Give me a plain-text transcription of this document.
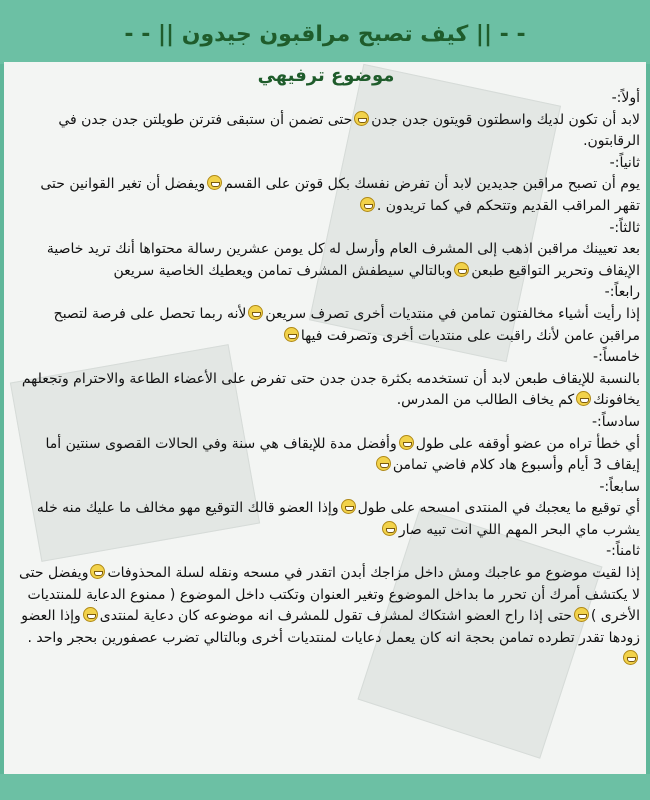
- - || كيف تصبح مراقبون جيدون || - -
موضوع ترفيهي

أولاً:-

لابد أن تكون لديك واسطتون قويتون جدن جدنحتى تضمن أن ستبقى فترتن طويلتن جدن جدن في الرقابتون.

ثانياً:-

يوم أن تصبح مراقبن جديدين لابد أن تفرض نفسك بكل قوتن على القسمويفضل أن تغير القوانين حتى تقهر المراقب القديم وتتحكم في كما تريدون .

ثالثاً:-

بعد تعيينك مراقبن اذهب إلى المشرف العام وأرسل له كل يومن عشرين رسالة محتواها أنك تريد خاصية الإيقاف وتحرير التواقيع طبعنوبالتالي سيطفش المشرف تمامن ويعطيك الخاصية سريعن

رابعاً:-

إذا رأيت أشياء مخالفتون تمامن في منتديات أخرى تصرف سريعنلأنه ربما تحصل على فرصة لتصبح مراقبن عامن لأنك راقبت على منتديات أخرى وتصرفت فيها

خامساً:-

بالنسبة للإيقاف طبعن لابد أن تستخدمه بكثرة جدن جدن حتى تفرض على الأعضاء الطاعة والاحترام وتجعلهم يخافونككم يخاف الطالب من المدرس.

سادساً:-

أي خطأ تراه من عضو أوقفه على طولوأفضل مدة للإيقاف هي سنة وفي الحالات القصوى سنتين أما إيقاف 3 أيام وأسبوع هاد كلام فاضي تمامن

سابعاً:-

أي توقيع ما يعجبك في المنتدى امسحه على طولوإذا العضو قالك التوقيع مهو مخالف ما عليك منه خله يشرب ماي البحر المهم اللي انت تبيه صار

ثامناً:-

إذا لقيت موضوع مو عاجبك ومش داخل مزاجك أبدن اتقدر في مسحه ونقله لسلة المحذوفاتويفضل حتى لا يكتشف أمرك أن تحرر ما بداخل الموضوع وتغير العنوان وتكتب داخل الموضوع ( ممنوع الدعاية للمنتديات الأخرى )حتى إذا راح العضو اشتكاك لمشرف تقول للمشرف انه موضوعه كان دعاية لمنتدىوإذا العضو زودها تقدر تطرده تمامن بحجة انه كان يعمل دعايات لمنتديات أخرى وبالتالي تضرب عصفورين بحجر واحد .
